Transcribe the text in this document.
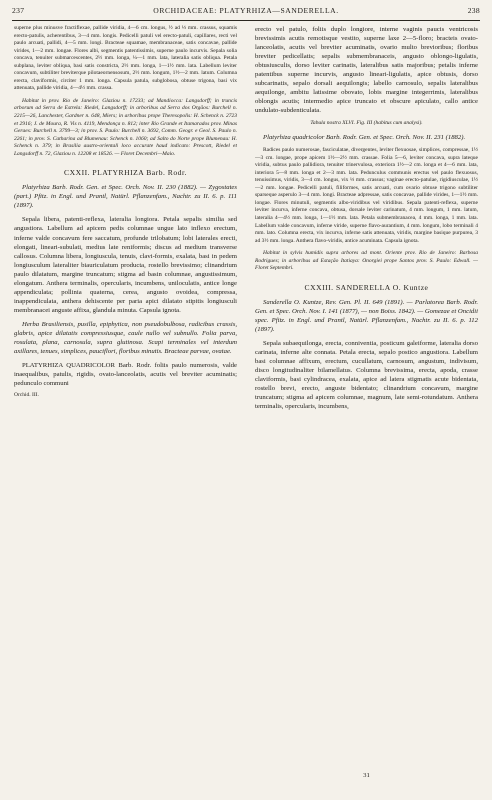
237	ORCHIDACEAE: PLATYRHIZA—SANDERELLA.	238

superne plus minusve fractiflexae, pallide viridia, 4—6 cm. longus, ½ ad ⅓ mm. crassus, squamis erecto-patulis, acherentibus, 3—4 mm. longis. Pedicelli patuli vel erecto-patuli, capillares, recti vel paulo arcuati, pallidi, 4—5 mm. longi. Bracteae squamae, membranaceae, satis concavae, pallide virides, 1—2 mm. longae. Flores albi, segmentis patentissimis, superne paulo incurvis. Sepala solia concava, tenuiter submarcescentes, 2½ mm. longa, ¼—1 mm. lata, lateralia satis obliqua. Petala subplana, leviter obliqua, basi satis constricta, 2½ mm. longa, 1—1½ mm. lata. Labellum leviter concavum, subtiliter breviterque pilotaeornensosum, 2½ mm. longum, 1½—2 mm. latum. Columna erecta, claviformis, circiter 1 mm. longa. Capsula patula, subglobosa, obtuse trigona, basi vix attenuata, pallide viridia, 4—4½ mm. crassa.

Habitat in prov. Rio de Janeiro: Glaziou n. 17233; ad Mandiocca: Langsdorff; in truncis arborum ad Serra de Estrela: Riedel, Langsdorff; in arboribus ad Serra dos Orgãos: Burchell n. 2215—26, Lanchester, Gardner n. 648, Miers; in arboribus prope Theresopolis: H. Schenck n. 2723 et 2916; J. de Moura, R. Vis n. 4119, Mendonça n. 812; inter Rio Grande et Itamarados prov. Minas Geraes: Burchell n. 3799—3; in prov. S. Paulo: Burchell n. 3692, Comm. Geogr. e Geol. S. Paulo n. 2261; in prov. S. Catharina ad Blumenau: Schenck n. 1060; ad Salto do Norte prope Blumenau: H. Schenck n. 379; in Brasilia austro-orientali loco accurate haud indicato: Prescott, Riedel et Langsdorff n. 72, Glaziou n. 12208 et 18526. — Floret Decembri—Maio.

CXXII. PLATYRHIZA Barb. Rodr.

Platyrhiza Barb. Rodr. Gen. et Spec. Orch. Nov. II. 230 (1882). — Zygostates (part.) Pfitz. in Engl. und Prantl, Natürl. Pflanzenfam., Nachtr. zu II. 6. p. 111 (1897).

Sepala libera, patenti-reflexa, lateralia longiora. Petala sepalis similia sed angustiora. Labellum ad apicem pedis columnae ungue lato inflexo erectum, inferne valde concavum fere saccatum, profunde trilobatum; lobi laterales erecti, elongati, lineari-subulati, medius late reniformis; discus ad medium transverse callosus. Columna libera, longiuscula, tenuis, clavi-formis, exalata, basi in pedem longiusculum lateraliter biauriculatum producta, rostello brevissimo; clinandrium paulo dilatatum, margine truncatum; stigma ad basin columnae, angustissimum, elongatum. Anthera terminalis, opercularis, incumbens, uniloculatis, antice longe appendiculata; pollinia quaterna, cerea, angusto ovoidea, compressa, inappendiculata, anthera dehiscente per paria apici dilatato stipitis longiusculi membranacei anguste affixa, glandula minuta. Capsula ignota.

Herba Brasiliensis, pusilla, epiphytica, non pseudobulbosa, radicibus crassis, glabris, apice dilatatis compressiusque, caule nullo vel subnullo. Folia parva, rosulata, plana, carnosula, supra glutinosa. Scapi terminales vel interdum axillares, tenues, simplices, pauciflori, floribus minutis. Bracteae parvae, ovatae.

PLATYRHIZA QUADRICOLOR Barb. Rodr. foliis paulo numerosis, valde inaequalibus, patulis, rigidis, ovato-lanceolatis, acutis vel breviter acuminatis; pedunculo communi

Orchid. III.

erecto vel patulo, foliis duplo longiore, interne vaginis paucis ventricosis brevissimis acutis remotisque vestito, superne laxe 2—5-floro; bracteis ovato-lanceolatis, acutis vel breviter acuminatis, ovario multo brevioribus; floribus breviter pedicellatis; sepalis submembranaceis, angusto oblongo-ligulatis, obtusiusculis, dorso leviter carinatis, lateralibus satis majoribus; petalis inferne patentibus superne incurvis, angusto lineari-ligulatis, apice obtusis, dorso subcarinatis, sepalo dorsali aequilongis; labello carnosulo, sepalis lateralibus aequilonge, ambitu latissime obovato, lobis margine integerrimis, lateralibus oblongis acutis; intermedio apice truncato et obscure apiculato, callo antice undulato-subdenticulata.

Tabula nostra XLVI. Fig. III (habitus cum analysi).

Platyrhiza quadricolor Barb. Rodr. Gen. et Spec. Orch. Nov. II. 231 (1882).

Radices paulo numerosae, fasciculatae, divergentes, leviter flexuosae, simplices, compressae, 1½—3 cm. longae, prope apicem 1½—2½ mm. crassae. Folia 5—6, leviter concava, supra lateque viridia, subtus paulo pallidiora, tenuiter trinervulosa, exteriora 1½—2 cm. longa et 4—6 mm. lata, interiora 5—8 mm. longa et 2—3 mm. lata. Pedunculus communis erectus vel paulo flexuosus, tenuissimus, viridis, 3—4 cm. longus, vix ⅓ mm. crassus; vaginae erecto-patulae, rigidiusculae, 1½—2 mm. longae. Pedicelli patuli, filiformes, satis arcuati, cum ovario obtuse trigono subtiliter sparseque asperulo 3—4 mm. longi. Bracteae adpressae, satis concavae, pallide virides, 1—1½ mm. longae. Flores minutuli, segmentis albo-viridibus vel viridibus. Sepala patenti-reflexa, superne leviter incurva, inferne concava, obtusa, dorsale leviter carinatum, 4 mm. longum, 1 mm. latum, lateralia 4—4½ mm. longa, 1—1½ mm. lata. Petala submembranacea, 4 mm. longa, 1 mm. lata. Labellum valde concavum, inferne viride, superne flavo-aurantium, 4 mm. longum, lobo terminali 4 mm. lato. Columna erecta, vix incurva, inferne satis attenuata, viridis, margine basique purpurea, 3 ad 3½ mm. longa. Anthera flavo-viridis, antice acuminata. Capsula ignota.

Habitat in sylvis humidis supra arbores ad mont. Oriente prov. Rio de Janeiro: Barbosa Rodrigues; in arboribus ad Estação Itatiaya: Onorgiei prope Santos prov. S. Paulo: Edwall. — Floret Septembri.

CXXIII. SANDERELLA O. Kuntze

Sanderella O. Kuntze, Rev. Gen. Pl. II. 649 (1891). — Parlatorea Barb. Rodr. Gen. et Spec. Orch. Nov. I. 141 (1877), — non Boiss. 1842). — Gomezae et Oncidii spec. Pfitz. in Engl. und Prantl, Natürl. Pflanzenfam., Nachtr. zu II. 6. p. 112 (1897).

Sepala subaequilonga, erecta, conniventia, posticum galeiforme, lateralia dorso carinata, inferne alte connata. Petala erecta, sepalo postico angustiora. Labellum basi columnae affixum, erectum, cucullatum, carnosum, angustum, indivisum, disco longitudinaliter bilamellatus. Columna brevissima, erecta, apoda, crasse claviformis, basi cylindracea, exalata, apice ad latera stigmatis acute bidentata, rostello brevi, erecto, anguste bidentato; clinandrium concavum, margine truncatum; stigma ad apicem columnae, magnum, late semi-rotundatum. Anthera terminalis, opercularis, incumbens,

31
